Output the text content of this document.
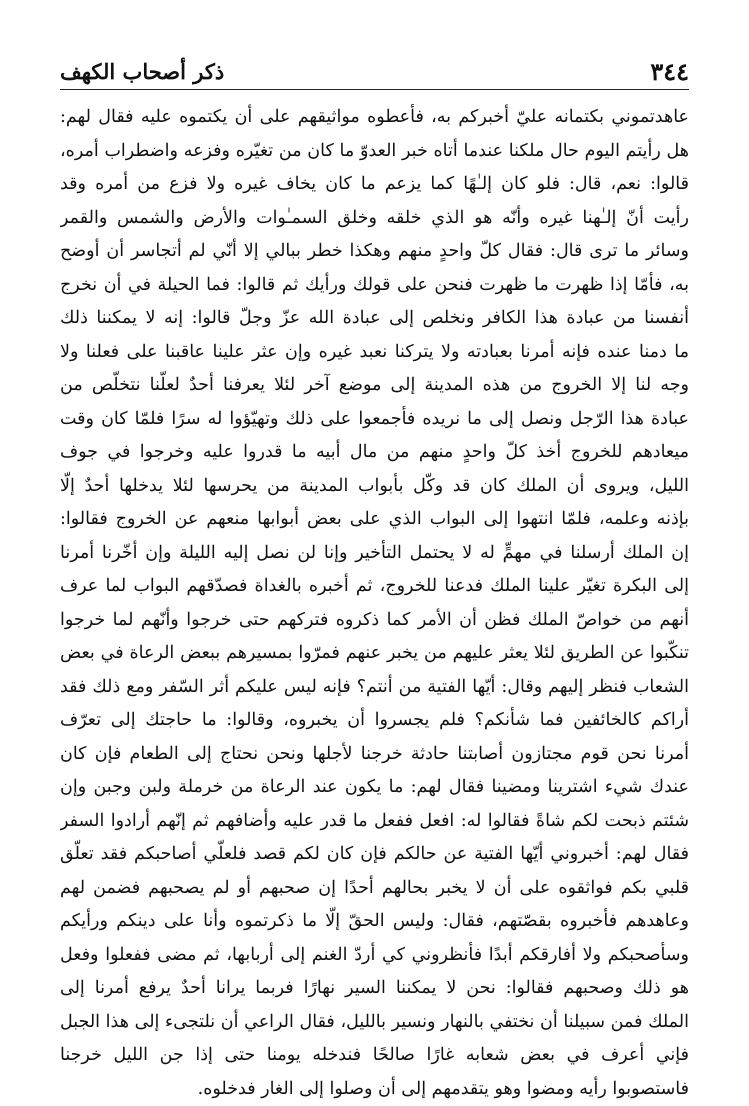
٣٤٤
ذكر أصحاب الكهف
عاهدتموني بكتمانه عليّ أخبركم به، فأعطوه مواثيقهم على أن يكتموه عليه فقال لهم:
هل رأيتم اليوم حال ملكنا عندما أتاه خبر العدوّ ما كان من تغيّره وفزعه واضطراب أمره،
قالوا: نعم، قال: فلو كان إلـٰهًا كما يزعم ما كان يخاف غيره ولا فزع من أمره وقد
رأيت أنّ إلـٰهنا غيره وأنّه هو الذي خلقه وخلق السمـٰوات والأرض والشمس والقمر
وسائر ما ترى قال: فقال كلّ واحدٍ منهم وهكذا خطر ببالي إلا أنّي لم أتجاسر أن أوضح
به، فأمّا إذا ظهرت ما ظهرت فنحن على قولك ورأيك ثم قالوا: فما الحيلة في أن نخرج
أنفسنا من عبادة هذا الكافر ونخلص إلى عبادة الله عزّ وجلّ قالوا: إنه لا يمكننا ذلك
ما دمنا عنده فإنه أمرنا بعبادته ولا يتركنا نعبد غيره وإن عثر علينا عاقبنا على فعلنا ولا
وجه لنا إلا الخروج من هذه المدينة إلى موضع آخر لئلا يعرفنا أحدٌ لعلّنا نتخلّص من
عبادة هذا الرّجل ونصل إلى ما نريده فأجمعوا على ذلك وتهيّؤوا له سرًا فلمّا كان وقت
ميعادهم للخروج أخذ كلّ واحدٍ منهم من مال أبيه ما قدروا عليه وخرجوا في جوف
الليل، ويروى أن الملك كان قد وكّل بأبواب المدينة من يحرسها لئلا يدخلها أحدٌ إلّا
بإذنه وعلمه، فلمّا انتهوا إلى البواب الذي على بعض أبوابها منعهم عن الخروج فقالوا:
إن الملك أرسلنا في مهمٍّ له لا يحتمل التأخير وإنا لن نصل إليه الليلة وإن أخّرنا أمرنا
إلى البكرة تغيّر علينا الملك فدعنا للخروج، ثم أخبره بالغداة فصدّقهم البواب لما عرف
أنهم من خواصّ الملك فظن أن الأمر كما ذكروه فتركهم حتى خرجوا وأنّهم لما خرجوا
تنكّبوا عن الطريق لئلا يعثر عليهم من يخبر عنهم فمرّوا بمسيرهم ببعض الرعاة في بعض
الشعاب فنظر إليهم وقال: أيّها الفتية من أنتم؟ فإنه ليس عليكم أثر السّفر ومع ذلك فقد
أراكم كالخائفين فما شأنكم؟ فلم يجسروا أن يخبروه، وقالوا: ما حاجتك إلى تعرّف
أمرنا نحن قوم مجتازون أصابتنا حادثة خرجنا لأجلها ونحن نحتاج إلى الطعام فإن كان
عندك شيء اشترينا ومضينا فقال لهم: ما يكون عند الرعاة من خرملة ولبن وجبن وإن
شئتم ذبحت لكم شاةً فقالوا له: افعل ففعل ما قدر عليه وأضافهم ثم إنّهم أرادوا السفر
فقال لهم: أخبروني أيّها الفتية عن حالكم فإن كان لكم قصد فلعلّي أصاحبكم فقد تعلّق
قلبي بكم فواثقوه على أن لا يخبر بحالهم أحدًا إن صحبهم أو لم يصحبهم فضمن لهم
وعاهدهم فأخبروه بقصّتهم، فقال: وليس الحقّ إلّا ما ذكرتموه وأنا على دينكم ورأيكم
وسأصحبكم ولا أفارقكم أبدًا فأنظروني كي أردّ الغنم إلى أربابها، ثم مضى ففعلوا وفعل
هو ذلك وصحبهم فقالوا: نحن لا يمكننا السير نهارًا فربما يرانا أحدٌ يرفع أمرنا إلى
الملك فمن سبيلنا أن نختفي بالنهار ونسير بالليل، فقال الراعي أن نلتجىء إلى هذا الجبل
فإني أعرف في بعض شعابه غارًا صالحًا فندخله يومنا حتى إذا جن الليل خرجنا
فاستصوبوا رأيه ومضوا وهو يتقدمهم إلى أن وصلوا إلى الغار فدخلوه.
